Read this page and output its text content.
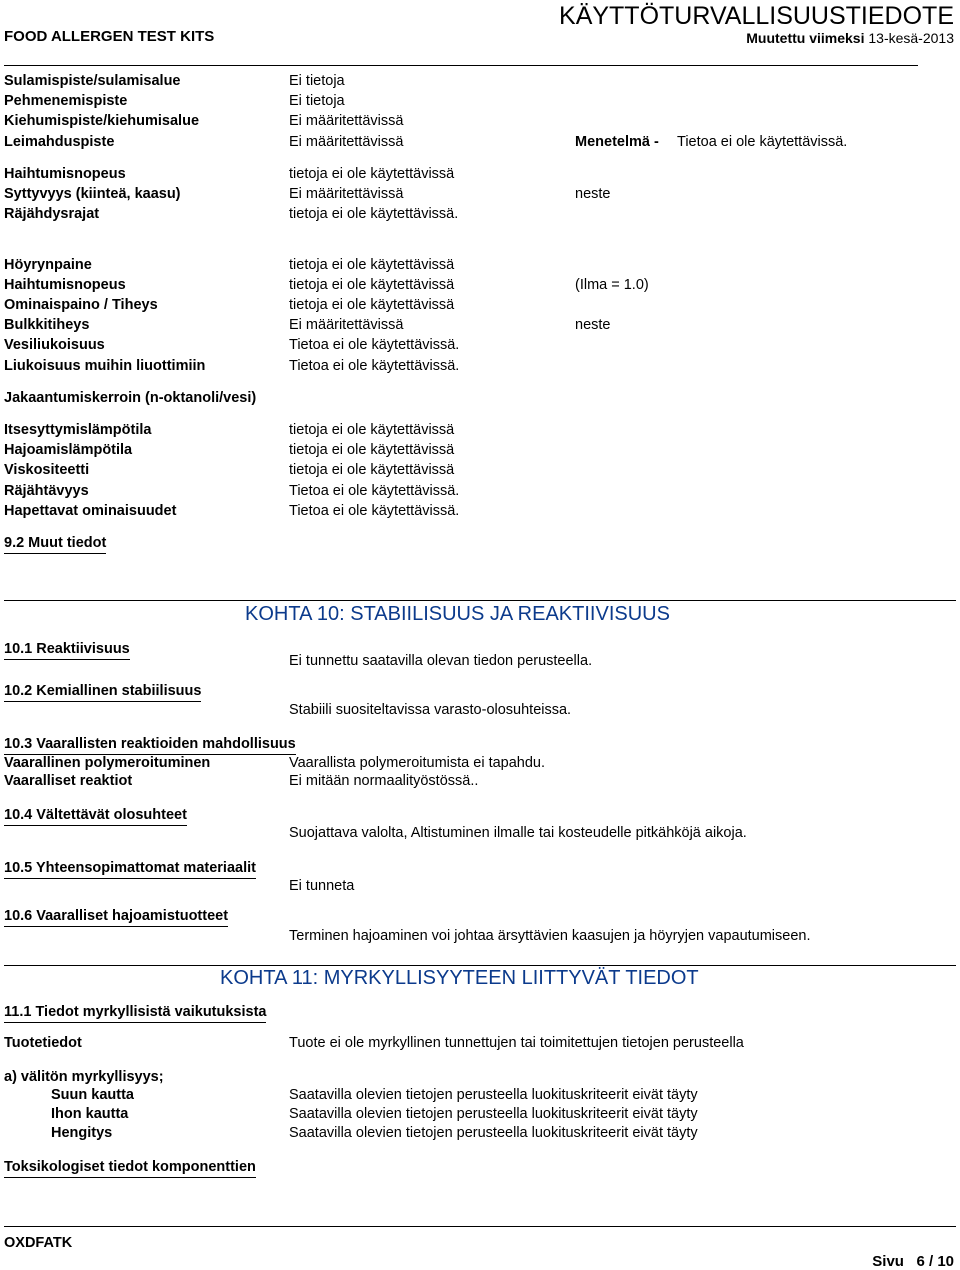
FOOD ALLERGEN TEST KITS
KÄYTTÖTURVALLISUUSTIEDOTE
Muutettu viimeksi 13-kesä-2013
Sulamispiste/sulamisalue	Ei tietoja
Pehmenemispiste	Ei tietoja
Kiehumispiste/kiehumisalue	Ei määritettävissä
Leimahduspiste	Ei määritettävissä	Menetelmä - Tietoa ei ole käytettävissä.
Haihtumisnopeus	tietoja ei ole käytettävissä
Syttyvyys (kiinteä, kaasu)	Ei määritettävissä	neste
Räjähdysrajat	tietoja ei ole käytettävissä.
Höyrynpaine	tietoja ei ole käytettävissä
Haihtumisnopeus	tietoja ei ole käytettävissä	(Ilma = 1.0)
Ominaispaino / Tiheys	tietoja ei ole käytettävissä
Bulkkitiheys	Ei määritettävissä	neste
Vesiliukoisuus	Tietoa ei ole käytettävissä.
Liukoisuus muihin liuottimiin	Tietoa ei ole käytettävissä.
Jakaantumiskerroin (n-oktanoli/vesi)
Itsesyttymislämpötila	tietoja ei ole käytettävissä
Hajoamislämpötila	tietoja ei ole käytettävissä
Viskositeetti	tietoja ei ole käytettävissä
Räjähtävyys	Tietoa ei ole käytettävissä.
Hapettavat ominaisuudet	Tietoa ei ole käytettävissä.
9.2 Muut tiedot
KOHTA 10: STABIILISUUS JA REAKTIIVISUUS
10.1 Reaktiivisuus
Ei tunnettu saatavilla olevan tiedon perusteella.
10.2 Kemiallinen stabiilisuus
Stabiili suositeltavissa varasto-olosuhteissa.
10.3 Vaarallisten reaktioiden mahdollisuus
Vaarallinen polymeroituminen	Vaarallista polymeroitumista ei tapahdu.
Vaaralliset reaktiot	Ei mitään normaalityöstössä..
10.4 Vältettävät olosuhteet
Suojattava valolta, Altistuminen ilmalle tai kosteudelle pitkähköjä aikoja.
10.5 Yhteensopimattomat materiaalit
Ei tunneta
10.6 Vaaralliset hajoamistuotteet
Terminen hajoaminen voi johtaa ärsyttävien kaasujen ja höyryjen vapautumiseen.
KOHTA 11: MYRKYLLISYYTEEN LIITTYVÄT TIEDOT
11.1 Tiedot myrkyllisistä vaikutuksista
Tuotetiedot	Tuote ei ole myrkyllinen tunnettujen tai toimitettujen tietojen perusteella
a) välitön myrkyllisyys;
Suun kautta	Saatavilla olevien tietojen perusteella luokituskriteerit eivät täyty
Ihon kautta	Saatavilla olevien tietojen perusteella luokituskriteerit eivät täyty
Hengitys	Saatavilla olevien tietojen perusteella luokituskriteerit eivät täyty
Toksikologiset tiedot komponenttien
OXDFATK
Sivu 6 / 10
